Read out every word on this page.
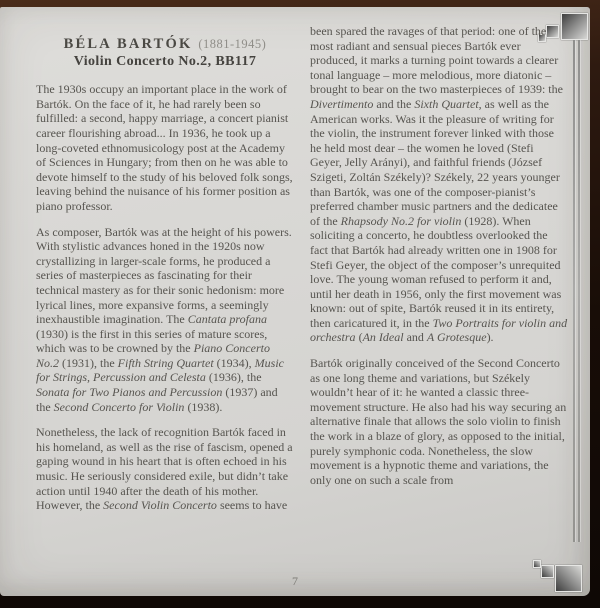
BÉLA BARTÓK (1881-1945)
Violin Concerto No.2, BB117

The 1930s occupy an important place in the work of Bartók. On the face of it, he had rarely been so fulfilled: a second, happy marriage, a concert pianist career flourishing abroad... In 1936, he took up a long-coveted ethnomusicology post at the Academy of Sciences in Hungary; from then on he was able to devote himself to the study of his beloved folk songs, leaving behind the nuisance of his former position as piano professor.

As composer, Bartók was at the height of his powers. With stylistic advances honed in the 1920s now crystallizing in larger-scale forms, he produced a series of masterpieces as fascinating for their technical mastery as for their sonic hedonism: more lyrical lines, more expansive forms, a seemingly inexhaustible imagination. The Cantata profana (1930) is the first in this series of mature scores, which was to be crowned by the Piano Concerto No.2 (1931), the Fifth String Quartet (1934), Music for Strings, Percussion and Celesta (1936), the Sonata for Two Pianos and Percussion (1937) and the Second Concerto for Violin (1938).

Nonetheless, the lack of recognition Bartók faced in his homeland, as well as the rise of fascism, opened a gaping wound in his heart that is often echoed in his music. He seriously considered exile, but didn’t take action until 1940 after the death of his mother. However, the Second Violin Concerto seems to have

been spared the ravages of that period: one of the most radiant and sensual pieces Bartók ever produced, it marks a turning point towards a clearer tonal language – more melodious, more diatonic – brought to bear on the two masterpieces of 1939: the Divertimento and the Sixth Quartet, as well as the American works. Was it the pleasure of writing for the violin, the instrument forever linked with those he held most dear – the women he loved (Stefi Geyer, Jelly Arányi), and faithful friends (József Szigeti, Zoltán Székely)? Székely, 22 years younger than Bartók, was one of the composer-pianist’s preferred chamber music partners and the dedicatee of the Rhapsody No.2 for violin (1928). When soliciting a concerto, he doubtless overlooked the fact that Bartók had already written one in 1908 for Stefi Geyer, the object of the composer’s unrequited love. The young woman refused to perform it and, until her death in 1956, only the first movement was known: out of spite, Bartók reused it in its entirety, then caricatured it, in the Two Portraits for violin and orchestra (An Ideal and A Grotesque).

Bartók originally conceived of the Second Concerto as one long theme and variations, but Székely wouldn’t hear of it: he wanted a classic three-movement structure. He also had his way securing an alternative finale that allows the solo violin to finish the work in a blaze of glory, as opposed to the initial, purely symphonic coda. Nonetheless, the slow movement is a hypnotic theme and variations, the only one on such a scale from

7
